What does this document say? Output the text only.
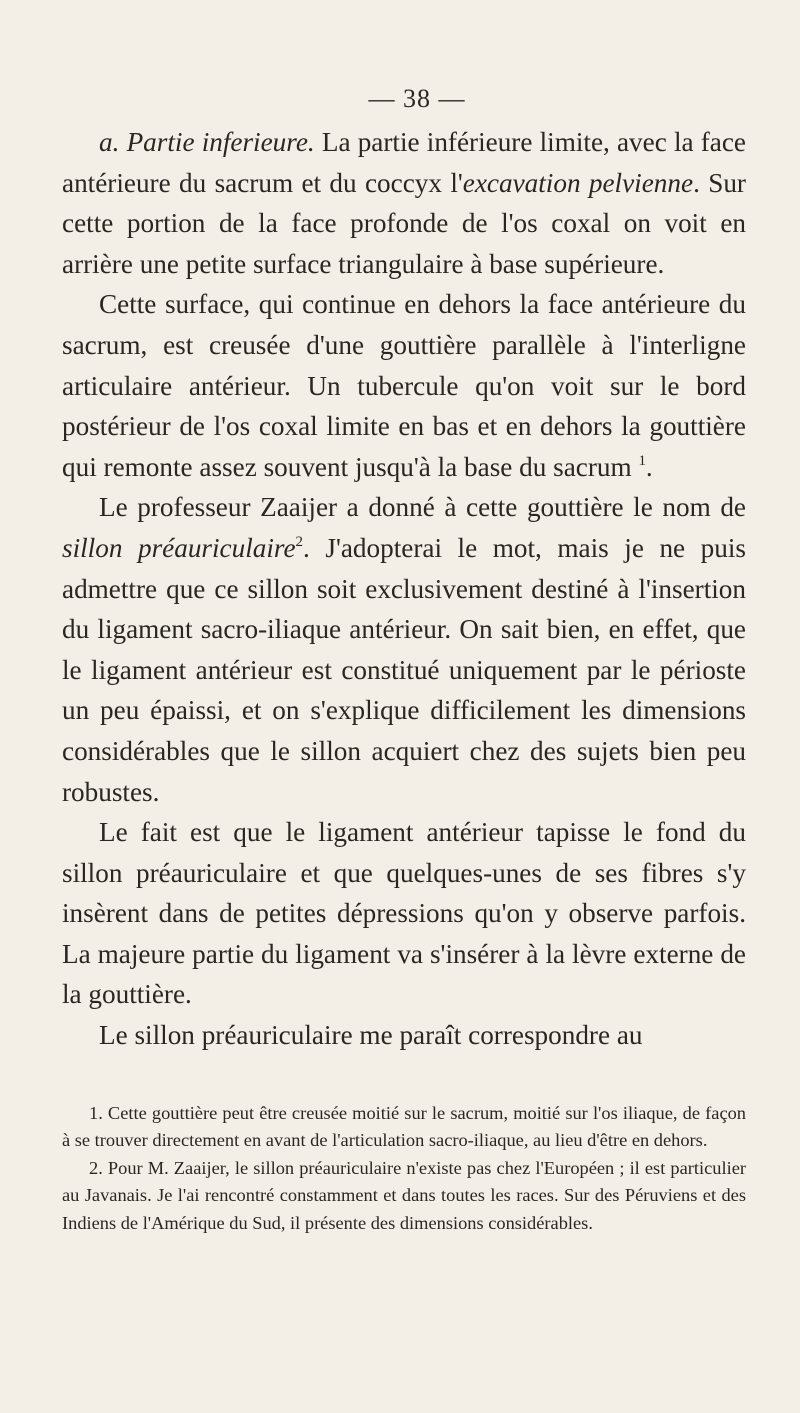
— 38 —

a. Partie inferieure. La partie inférieure limite, avec la face antérieure du sacrum et du coccyx l'excavation pelvienne. Sur cette portion de la face profonde de l'os coxal on voit en arrière une petite surface triangulaire à base supérieure.

Cette surface, qui continue en dehors la face antérieure du sacrum, est creusée d'une gouttière parallèle à l'interligne articulaire antérieur. Un tubercule qu'on voit sur le bord postérieur de l'os coxal limite en bas et en dehors la gouttière qui remonte assez souvent jusqu'à la base du sacrum $^1$.

Le professeur Zaaijer a donné à cette gouttière le nom de sillon préauriculaire$^2$. J'adopterai le mot, mais je ne puis admettre que ce sillon soit exclusivement destiné à l'insertion du ligament sacro-iliaque antérieur. On sait bien, en effet, que le ligament antérieur est constitué uniquement par le périoste un peu épaissi, et on s'explique difficilement les dimensions considérables que le sillon acquiert chez des sujets bien peu robustes.

Le fait est que le ligament antérieur tapisse le fond du sillon préauriculaire et que quelques-unes de ses fibres s'y insèrent dans de petites dépressions qu'on y observe parfois. La majeure partie du ligament va s'insérer à la lèvre externe de la gouttière.

Le sillon préauriculaire me paraît correspondre au

1. Cette gouttière peut être creusée moitié sur le sacrum, moitié sur l'os iliaque, de façon à se trouver directement en avant de l'articulation sacro-iliaque, au lieu d'être en dehors.

2. Pour M. Zaaijer, le sillon préauriculaire n'existe pas chez l'Européen ; il est particulier au Javanais. Je l'ai rencontré constamment et dans toutes les races. Sur des Péruviens et des Indiens de l'Amérique du Sud, il présente des dimensions considérables.
